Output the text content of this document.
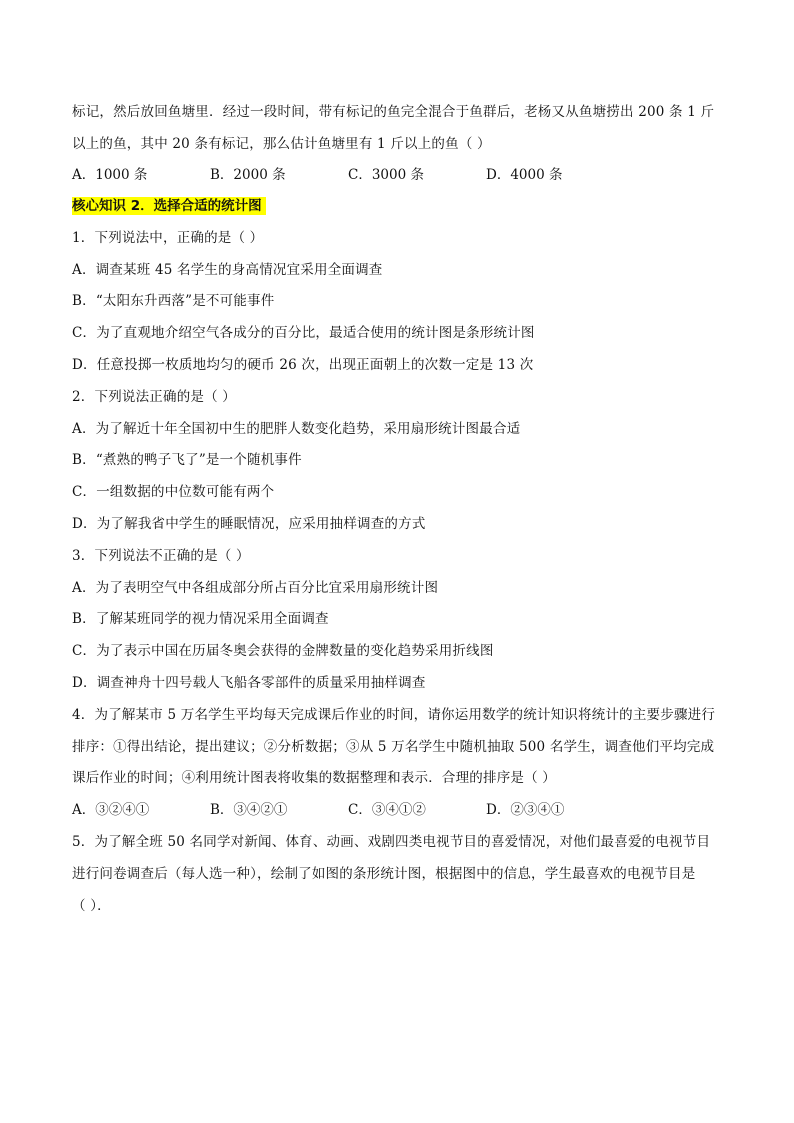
标记，然后放回鱼塘里．经过一段时间，带有标记的鱼完全混合于鱼群后，老杨又从鱼塘捞出 200 条 1 斤
以上的鱼，其中 20 条有标记，那么估计鱼塘里有 1 斤以上的鱼（ ）
A．1000 条	B．2000 条	C．3000 条	D．4000 条
核心知识 2．选择合适的统计图
1．下列说法中，正确的是（ ）
A．调查某班 45 名学生的身高情况宜采用全面调查
B．“太阳东升西落”是不可能事件
C．为了直观地介绍空气各成分的百分比，最适合使用的统计图是条形统计图
D．任意投掷一枚质地均匀的硬币 26 次，出现正面朝上的次数一定是 13 次
2．下列说法正确的是（ ）
A．为了解近十年全国初中生的肥胖人数变化趋势，采用扇形统计图最合适
B．“煮熟的鸭子飞了”是一个随机事件
C．一组数据的中位数可能有两个
D．为了解我省中学生的睡眠情况，应采用抽样调查的方式
3．下列说法不正确的是（ ）
A．为了表明空气中各组成部分所占百分比宜采用扇形统计图
B．了解某班同学的视力情况采用全面调查
C．为了表示中国在历届冬奥会获得的金牌数量的变化趋势采用折线图
D．调查神舟十四号载人飞船各零部件的质量采用抽样调查
4．为了解某市 5 万名学生平均每天完成课后作业的时间，请你运用数学的统计知识将统计的主要步骤进行
排序：①得出结论，提出建议；②分析数据；③从 5 万名学生中随机抽取 500 名学生，调查他们平均完成
课后作业的时间；④利用统计图表将收集的数据整理和表示．合理的排序是（ ）
A．③②④①	B．③④②①	C．③④①②	D．②③④①
5．为了解全班 50 名同学对新闻、体育、动画、戏剧四类电视节目的喜爱情况，对他们最喜爱的电视节目
进行问卷调查后（每人选一种），绘制了如图的条形统计图，根据图中的信息，学生最喜欢的电视节目是
（ ）．
